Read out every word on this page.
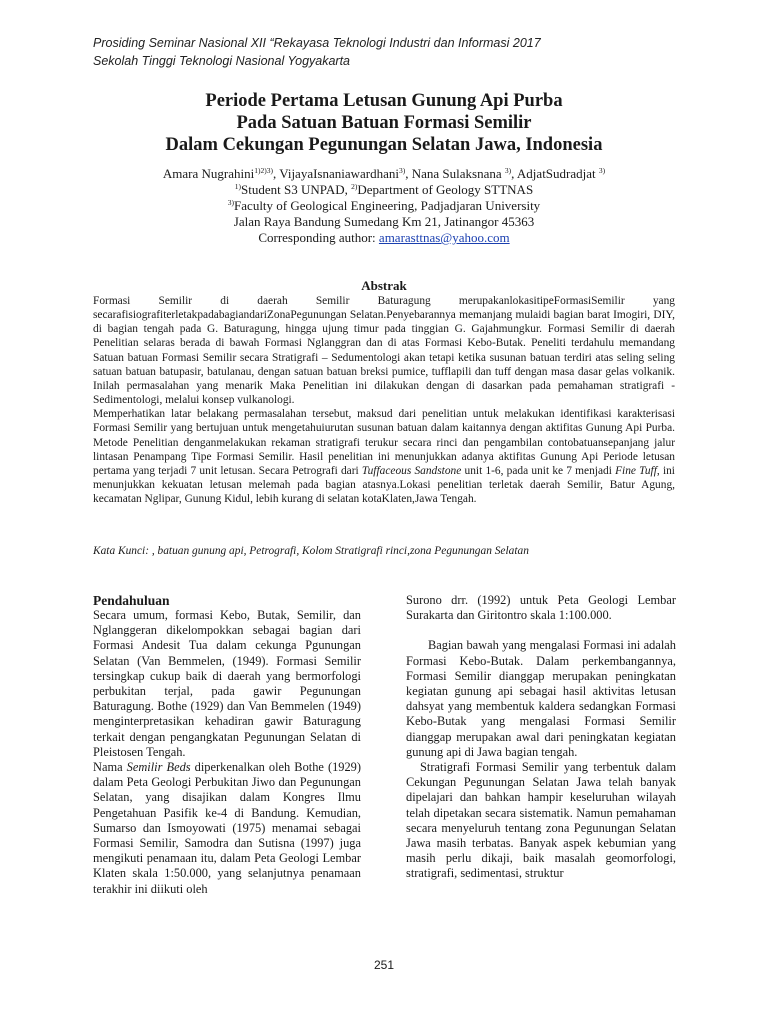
Prosiding Seminar Nasional XII “Rekayasa Teknologi Industri dan Informasi 2017
Sekolah Tinggi Teknologi Nasional Yogyakarta
Periode Pertama Letusan Gunung Api Purba
Pada Satuan Batuan Formasi Semilir
Dalam Cekungan Pegunungan Selatan Jawa, Indonesia
Amara Nugrahini$^{1)2)3)}$, VijayaIsnaniawardhani$^{3)}$, Nana Sulaksnana $^{3)}$, AdjatSudradjat $^{3)}$
$^{1)}$Student S3 UNPAD, $^{2)}$Department of Geology STTNAS
$^{3)}$Faculty of Geological Engineering, Padjadjaran University
Jalan Raya Bandung Sumedang Km 21, Jatinangor 45363
Corresponding author: amarasttnas@yahoo.com
Abstrak

Formasi Semilir di daerah Semilir Baturagung merupakanlokasitipeFormasiSemilir yang secarafisiografiterletakpadabagiandariZonaPegunungan Selatan.Penyebarannya memanjang mulaidi bagian barat Imogiri, DIY, di bagian tengah pada G. Baturagung, hingga ujung timur pada tinggian G. Gajahmungkur. Formasi Semilir di daerah Penelitian selaras berada di bawah Formasi Nglanggran dan di atas Formasi Kebo-Butak. Peneliti terdahulu memandang Satuan batuan Formasi Semilir secara Stratigrafi – Sedumentologi akan tetapi ketika susunan batuan terdiri atas seling seling satuan batuan batupasir, batulanau, dengan satuan batuan breksi pumice, tufflapili dan tuff dengan masa dasar gelas volkanik. Inilah permasalahan yang menarik Maka Penelitian ini dilakukan dengan di dasarkan pada pemahaman stratigrafi - Sedimentologi, melalui konsep vulkanologi.

Memperhatikan latar belakang permasalahan tersebut, maksud dari penelitian untuk melakukan identifikasi karakterisasi Formasi Semilir yang bertujuan untuk mengetahuiurutan susunan batuan dalam kaitannya dengan aktifitas Gunung Api Purba. Metode Penelitian denganmelakukan rekaman stratigrafi terukur secara rinci dan pengambilan contobatuansepanjang jalur lintasan Penampang Tipe Formasi Semilir. Hasil penelitian ini menunjukkan adanya aktifitas Gunung Api Periode letusan pertama yang terjadi 7 unit letusan. Secara Petrografi dari Tuffaceous Sandstone unit 1-6, pada unit ke 7 menjadi Fine Tuff, ini menunjukkan kekuatan letusan melemah pada bagian atasnya.Lokasi penelitian terletak daerah Semilir, Batur Agung, kecamatan Nglipar, Gunung Kidul, lebih kurang di selatan kotaKlaten,Jawa Tengah.

Kata Kunci: , batuan gunung api, Petrografi, Kolom Stratigrafi rinci,zona Pegunungan Selatan
Pendahuluan

Secara umum, formasi Kebo, Butak, Semilir, dan Nglanggeran dikelompokkan sebagai bagian dari Formasi Andesit Tua dalam cekunga Pgunungan Selatan (Van Bemmelen, (1949). Formasi Semilir tersingkap cukup baik di daerah yang bermorfologi perbukitan terjal, pada gawir Pegunungan Baturagung. Bothe (1929) dan Van Bemmelen (1949) menginterpretasikan kehadiran gawir Baturagung terkait dengan pengangkatan Pegunungan Selatan di Pleistosen Tengah.

Nama Semilir Beds diperkenalkan oleh Bothe (1929) dalam Peta Geologi Perbukitan Jiwo dan Pegunungan Selatan, yang disajikan dalam Kongres Ilmu Pengetahuan Pasifik ke-4 di Bandung. Kemudian, Sumarso dan Ismoyowati (1975) menamai sebagai Formasi Semilir, Samodra dan Sutisna (1997) juga mengikuti penamaan itu, dalam Peta Geologi Lembar Klaten skala 1:50.000, yang selanjutnya penamaan terakhir ini diikuti oleh

Surono drr. (1992) untuk Peta Geologi Lembar Surakarta dan Giritontro skala 1:100.000.

Bagian bawah yang mengalasi Formasi ini adalah Formasi Kebo-Butak. Dalam perkembangannya, Formasi Semilir dianggap merupakan peningkatan kegiatan gunung api sebagai hasil aktivitas letusan dahsyat yang membentuk kaldera sedangkan Formasi Kebo-Butak yang mengalasi Formasi Semilir dianggap merupakan awal dari peningkatan kegiatan gunung api di Jawa bagian tengah.

Stratigrafi Formasi Semilir yang terbentuk dalam Cekungan Pegunungan Selatan Jawa telah banyak dipelajari dan bahkan hampir keseluruhan wilayah telah dipetakan secara sistematik. Namun pemahaman secara menyeluruh tentang zona Pegunungan Selatan Jawa masih terbatas. Banyak aspek kebumian yang masih perlu dikaji, baik masalah geomorfologi, stratigrafi, sedimentasi, struktur

251
